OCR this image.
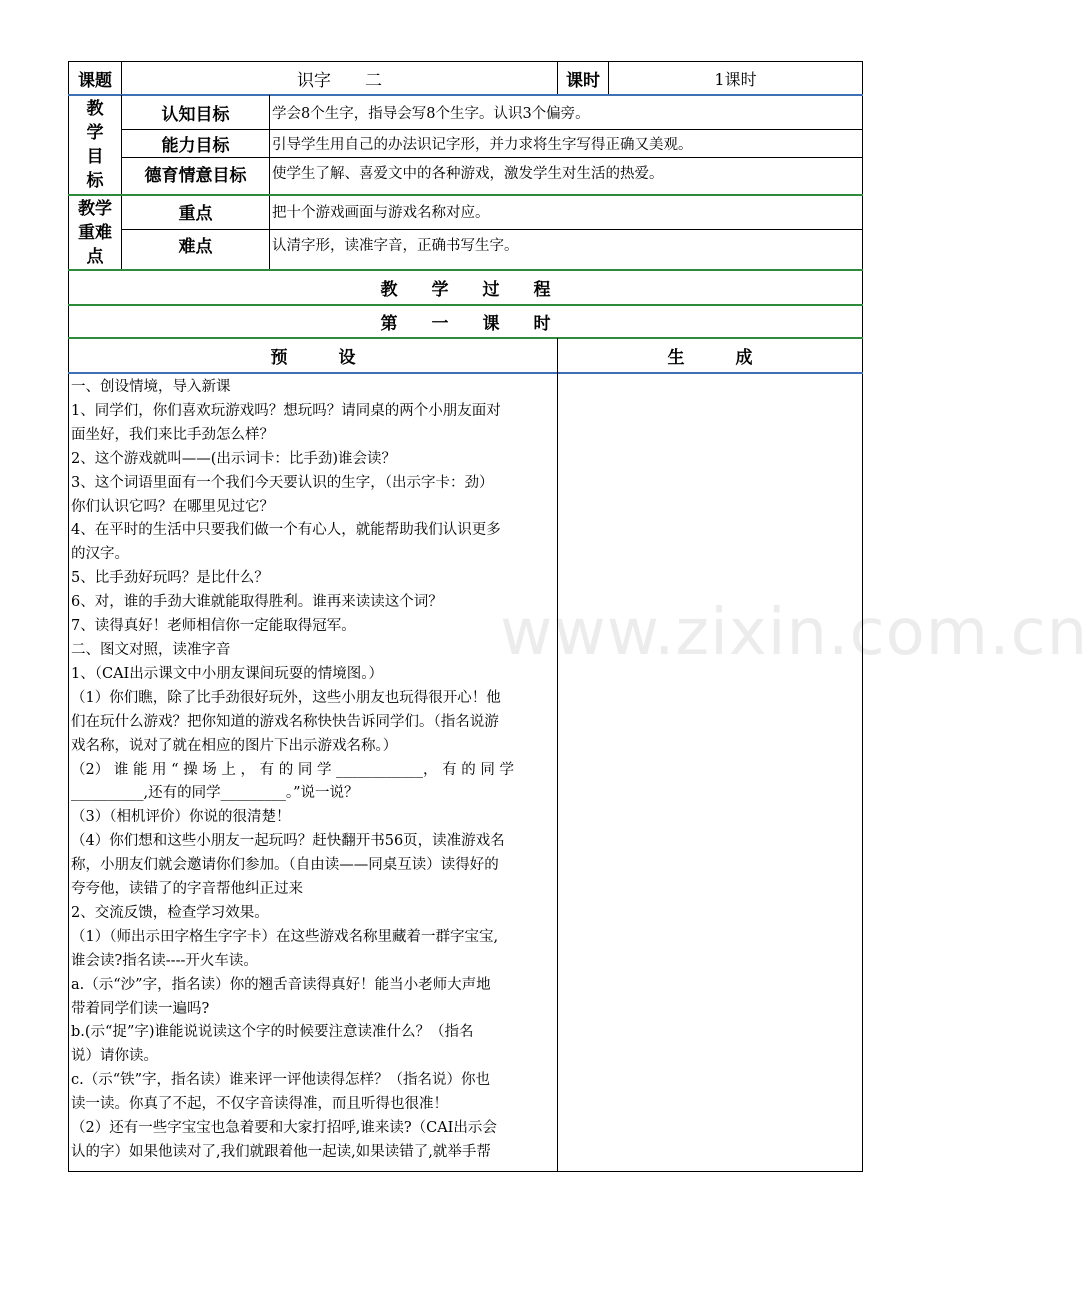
课题	识字　　二	课时	1课时
教
学
目
标
认知目标	学会8个生字，指导会写8个生字。认识3个偏旁。
能力目标	引导学生用自己的办法识记字形，并力求将生字写得正确又美观。
德育情意目标	使学生了解、喜爱文中的各种游戏，激发学生对生活的热爱。
教学
重难
点
重点	把十个游戏画面与游戏名称对应。
难点	认清字形，读准字音，正确书写生字。
教　　学　　过　　程
第　　一　　课　　时
预　　　设	生　　　成
一、创设情境，导入新课
1、同学们，你们喜欢玩游戏吗？想玩吗？请同桌的两个小朋友面对
面坐好，我们来比手劲怎么样？
2、这个游戏就叫——(出示词卡：比手劲)谁会读？
3、这个词语里面有一个我们今天要认识的生字，（出示字卡：劲）
你们认识它吗？在哪里见过它？
4、在平时的生活中只要我们做一个有心人，就能帮助我们认识更多
的汉字。
5、比手劲好玩吗？是比什么？
6、对，谁的手劲大谁就能取得胜利。谁再来读读这个词？
7、读得真好！老师相信你一定能取得冠军。
二、图文对照，读准字音
1、（CAI出示课文中小朋友课间玩耍的情境图。）
（1）你们瞧，除了比手劲很好玩外，这些小朋友也玩得很开心！他
们在玩什么游戏？把你知道的游戏名称快快告诉同学们。（指名说游
戏名称，说对了就在相应的图片下出示游戏名称。）
（2） 谁 能 用 “ 操 场 上 ， 有 的 同 学 ____________， 有 的 同 学
__________,还有的同学_________。”说一说？
（3）（相机评价）你说的很清楚！
（4）你们想和这些小朋友一起玩吗？赶快翻开书56页，读准游戏名
称，小朋友们就会邀请你们参加。（自由读——同桌互读）读得好的
夸夸他，读错了的字音帮他纠正过来
2、交流反馈，检查学习效果。
（1）（师出示田字格生字字卡）在这些游戏名称里藏着一群字宝宝,
谁会读?指名读----开火车读。
a.（示“沙”字，指名读）你的翘舌音读得真好！能当小老师大声地
带着同学们读一遍吗?
b.(示“捉”字)谁能说说读这个字的时候要注意读准什么？（指名
说）请你读。
c.（示“铁”字，指名读）谁来评一评他读得怎样？（指名说）你也
读一读。你真了不起，不仅字音读得准，而且听得也很准！
（2）还有一些字宝宝也急着要和大家打招呼,谁来读?（CAI出示会
认的字）如果他读对了,我们就跟着他一起读,如果读错了,就举手帮
www.zixin.com.cn
